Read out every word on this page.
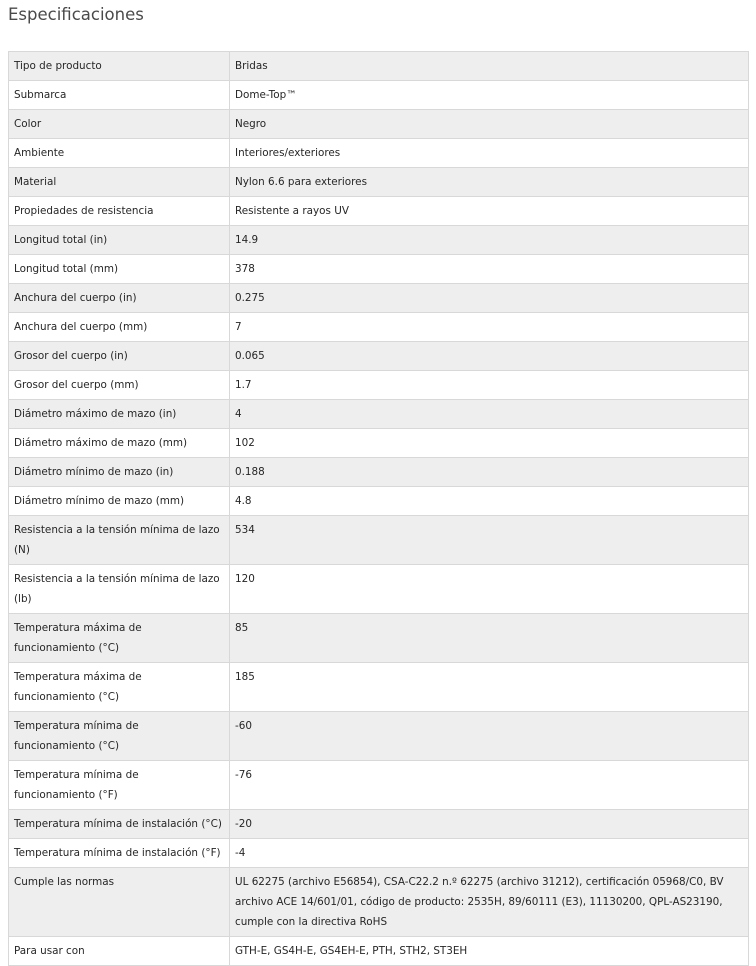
Especificaciones
Tipo de producto	Bridas
Submarca	Dome-Top™
Color	Negro
Ambiente	Interiores/exteriores
Material	Nylon 6.6 para exteriores
Propiedades de resistencia	Resistente a rayos UV
Longitud total (in)	14.9
Longitud total (mm)	378
Anchura del cuerpo (in)	0.275
Anchura del cuerpo (mm)	7
Grosor del cuerpo (in)	0.065
Grosor del cuerpo (mm)	1.7
Diámetro máximo de mazo (in)	4
Diámetro máximo de mazo (mm)	102
Diámetro mínimo de mazo (in)	0.188
Diámetro mínimo de mazo (mm)	4.8
Resistencia a la tensión mínima de lazo (N)	534
Resistencia a la tensión mínima de lazo (lb)	120
Temperatura máxima de funcionamiento (°C)	85
Temperatura máxima de funcionamiento (°C)	185
Temperatura mínima de funcionamiento (°C)	-60
Temperatura mínima de funcionamiento (°F)	-76
Temperatura mínima de instalación (°C)	-20
Temperatura mínima de instalación (°F)	-4
Cumple las normas	UL 62275 (archivo E56854), CSA-C22.2 n.º 62275 (archivo 31212), certificación 05968/C0, BV archivo ACE 14/601/01, código de producto: 2535H, 89/60111 (E3), 11130200, QPL-AS23190, cumple con la directiva RoHS
Para usar con	GTH-E, GS4H-E, GS4EH-E, PTH, STH2, ST3EH
